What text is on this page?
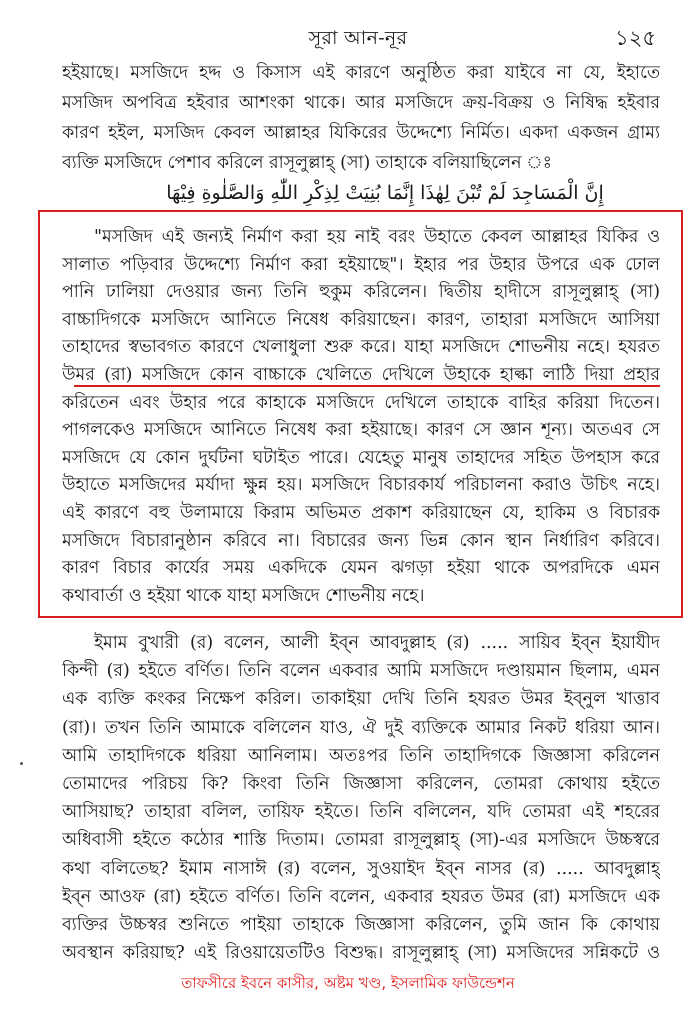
সূরা আন-নূর	১২৫
হইয়াছে। মসজিদে হদ্দ ও কিসাস এই কারণে অনুষ্ঠিত করা যাইবে না যে, ইহাতে
মসজিদ অপবিত্র হইবার আশংকা থাকে। আর মসজিদে ক্রয়-বিক্রয় ও নিষিদ্ধ হইবার
কারণ হইল, মসজিদ কেবল আল্লাহর যিকিরের উদ্দেশ্যে নির্মিত। একদা একজন গ্রাম্য
ব্যক্তি মসজিদে পেশাব করিলে রাসূলুল্লাহ্ (সা) তাহাকে বলিয়াছিলেন ঃ
إِنَّ الْمَسَاجِدَ لَمْ تُبْنَ لِهٰذَا إِنَّمَا بُنِيَتْ لِذِكْرِ اللّٰهِ وَالصَّلٰوةِ فِيْهَا
"মসজিদ এই জন্যই নির্মাণ করা হয় নাই বরং উহাতে কেবল আল্লাহর যিকির ও
সালাত পড়িবার উদ্দেশ্যে নির্মাণ করা হইয়াছে"। ইহার পর উহার উপরে এক ঢোল
পানি ঢালিয়া দেওয়ার জন্য তিনি হুকুম করিলেন। দ্বিতীয় হাদীসে রাসূলুল্লাহ্ (সা)
বাচ্চাদিগকে মসজিদে আনিতে নিষেধ করিয়াছেন। কারণ, তাহারা মসজিদে আসিয়া
তাহাদের স্বভাবগত কারণে খেলাধুলা শুরু করে। যাহা মসজিদে শোভনীয় নহে। হযরত
উমর (রা) মসজিদে কোন বাচ্চাকে খেলিতে দেখিলে উহাকে হাল্কা লাঠি দিয়া প্রহার
করিতেন এবং উহার পরে কাহাকে মসজিদে দেখিলে তাহাকে বাহির করিয়া দিতেন।
পাগলকেও মসজিদে আনিতে নিষেধ করা হইয়াছে। কারণ সে জ্ঞান শূন্য। অতএব সে
মসজিদে যে কোন দুর্ঘটনা ঘটাইত পারে। যেহেতু মানুষ তাহাদের সহিত উপহাস করে
উহাতে মসজিদের মর্যাদা ক্ষুন্ন হয়। মসজিদে বিচারকার্য পরিচালনা করাও উচিৎ নহে।
এই কারণে বহু উলামায়ে কিরাম অভিমত প্রকাশ করিয়াছেন যে, হাকিম ও বিচারক
মসজিদে বিচারানুষ্ঠান করিবে না। বিচারের জন্য ভিন্ন কোন স্থান নির্ধারিণ করিবে।
কারণ বিচার কার্যের সময় একদিকে যেমন ঝগড়া হইয়া থাকে অপরদিকে এমন
কথাবার্তা ও হইয়া থাকে যাহা মসজিদে শোভনীয় নহে।
ইমাম বুখারী (র) বলেন, আলী ইব্ন আবদুল্লাহ (র) ..... সায়িব ইব্ন ইয়াযীদ
কিন্দী (র) হইতে বর্ণিত। তিনি বলেন একবার আমি মসজিদে দণ্ডায়মান ছিলাম, এমন
এক ব্যক্তি কংকর নিক্ষেপ করিল। তাকাইয়া দেখি তিনি হযরত উমর ইব্নুল খাত্তাব
(রা)। তখন তিনি আমাকে বলিলেন যাও, ঐ দুই ব্যক্তিকে আমার নিকট ধরিয়া আন।
আমি তাহাদিগকে ধরিয়া আনিলাম। অতঃপর তিনি তাহাদিগকে জিজ্ঞাসা করিলেন
তোমাদের পরিচয় কি? কিংবা তিনি জিজ্ঞাসা করিলেন, তোমরা কোথায় হইতে
আসিয়াছ? তাহারা বলিল, তায়িফ হইতে। তিনি বলিলেন, যদি তোমরা এই শহরের
অধিবাসী হইতে কঠোর শাস্তি দিতাম। তোমরা রাসূলুল্লাহ্ (সা)-এর মসজিদে উচ্চস্বরে
কথা বলিতেছ? ইমাম নাসাঈ (র) বলেন, সুওয়াইদ ইব্ন নাসর (র) ..... আবদুল্লাহ্
ইব্ন আওফ (রা) হইতে বর্ণিত। তিনি বলেন, একবার হযরত উমর (রা) মসজিদে এক
ব্যক্তির উচ্চস্বর শুনিতে পাইয়া তাহাকে জিজ্ঞাসা করিলেন, তুমি জান কি কোথায়
অবস্থান করিয়াছ? এই রিওয়ায়েতটিও বিশুদ্ধ। রাসূলুল্লাহ্ (সা) মসজিদের সন্নিকটে ও
তাফসীরে ইবনে কাসীর, অষ্টম খণ্ড, ইসলামিক ফাউন্ডেশন
